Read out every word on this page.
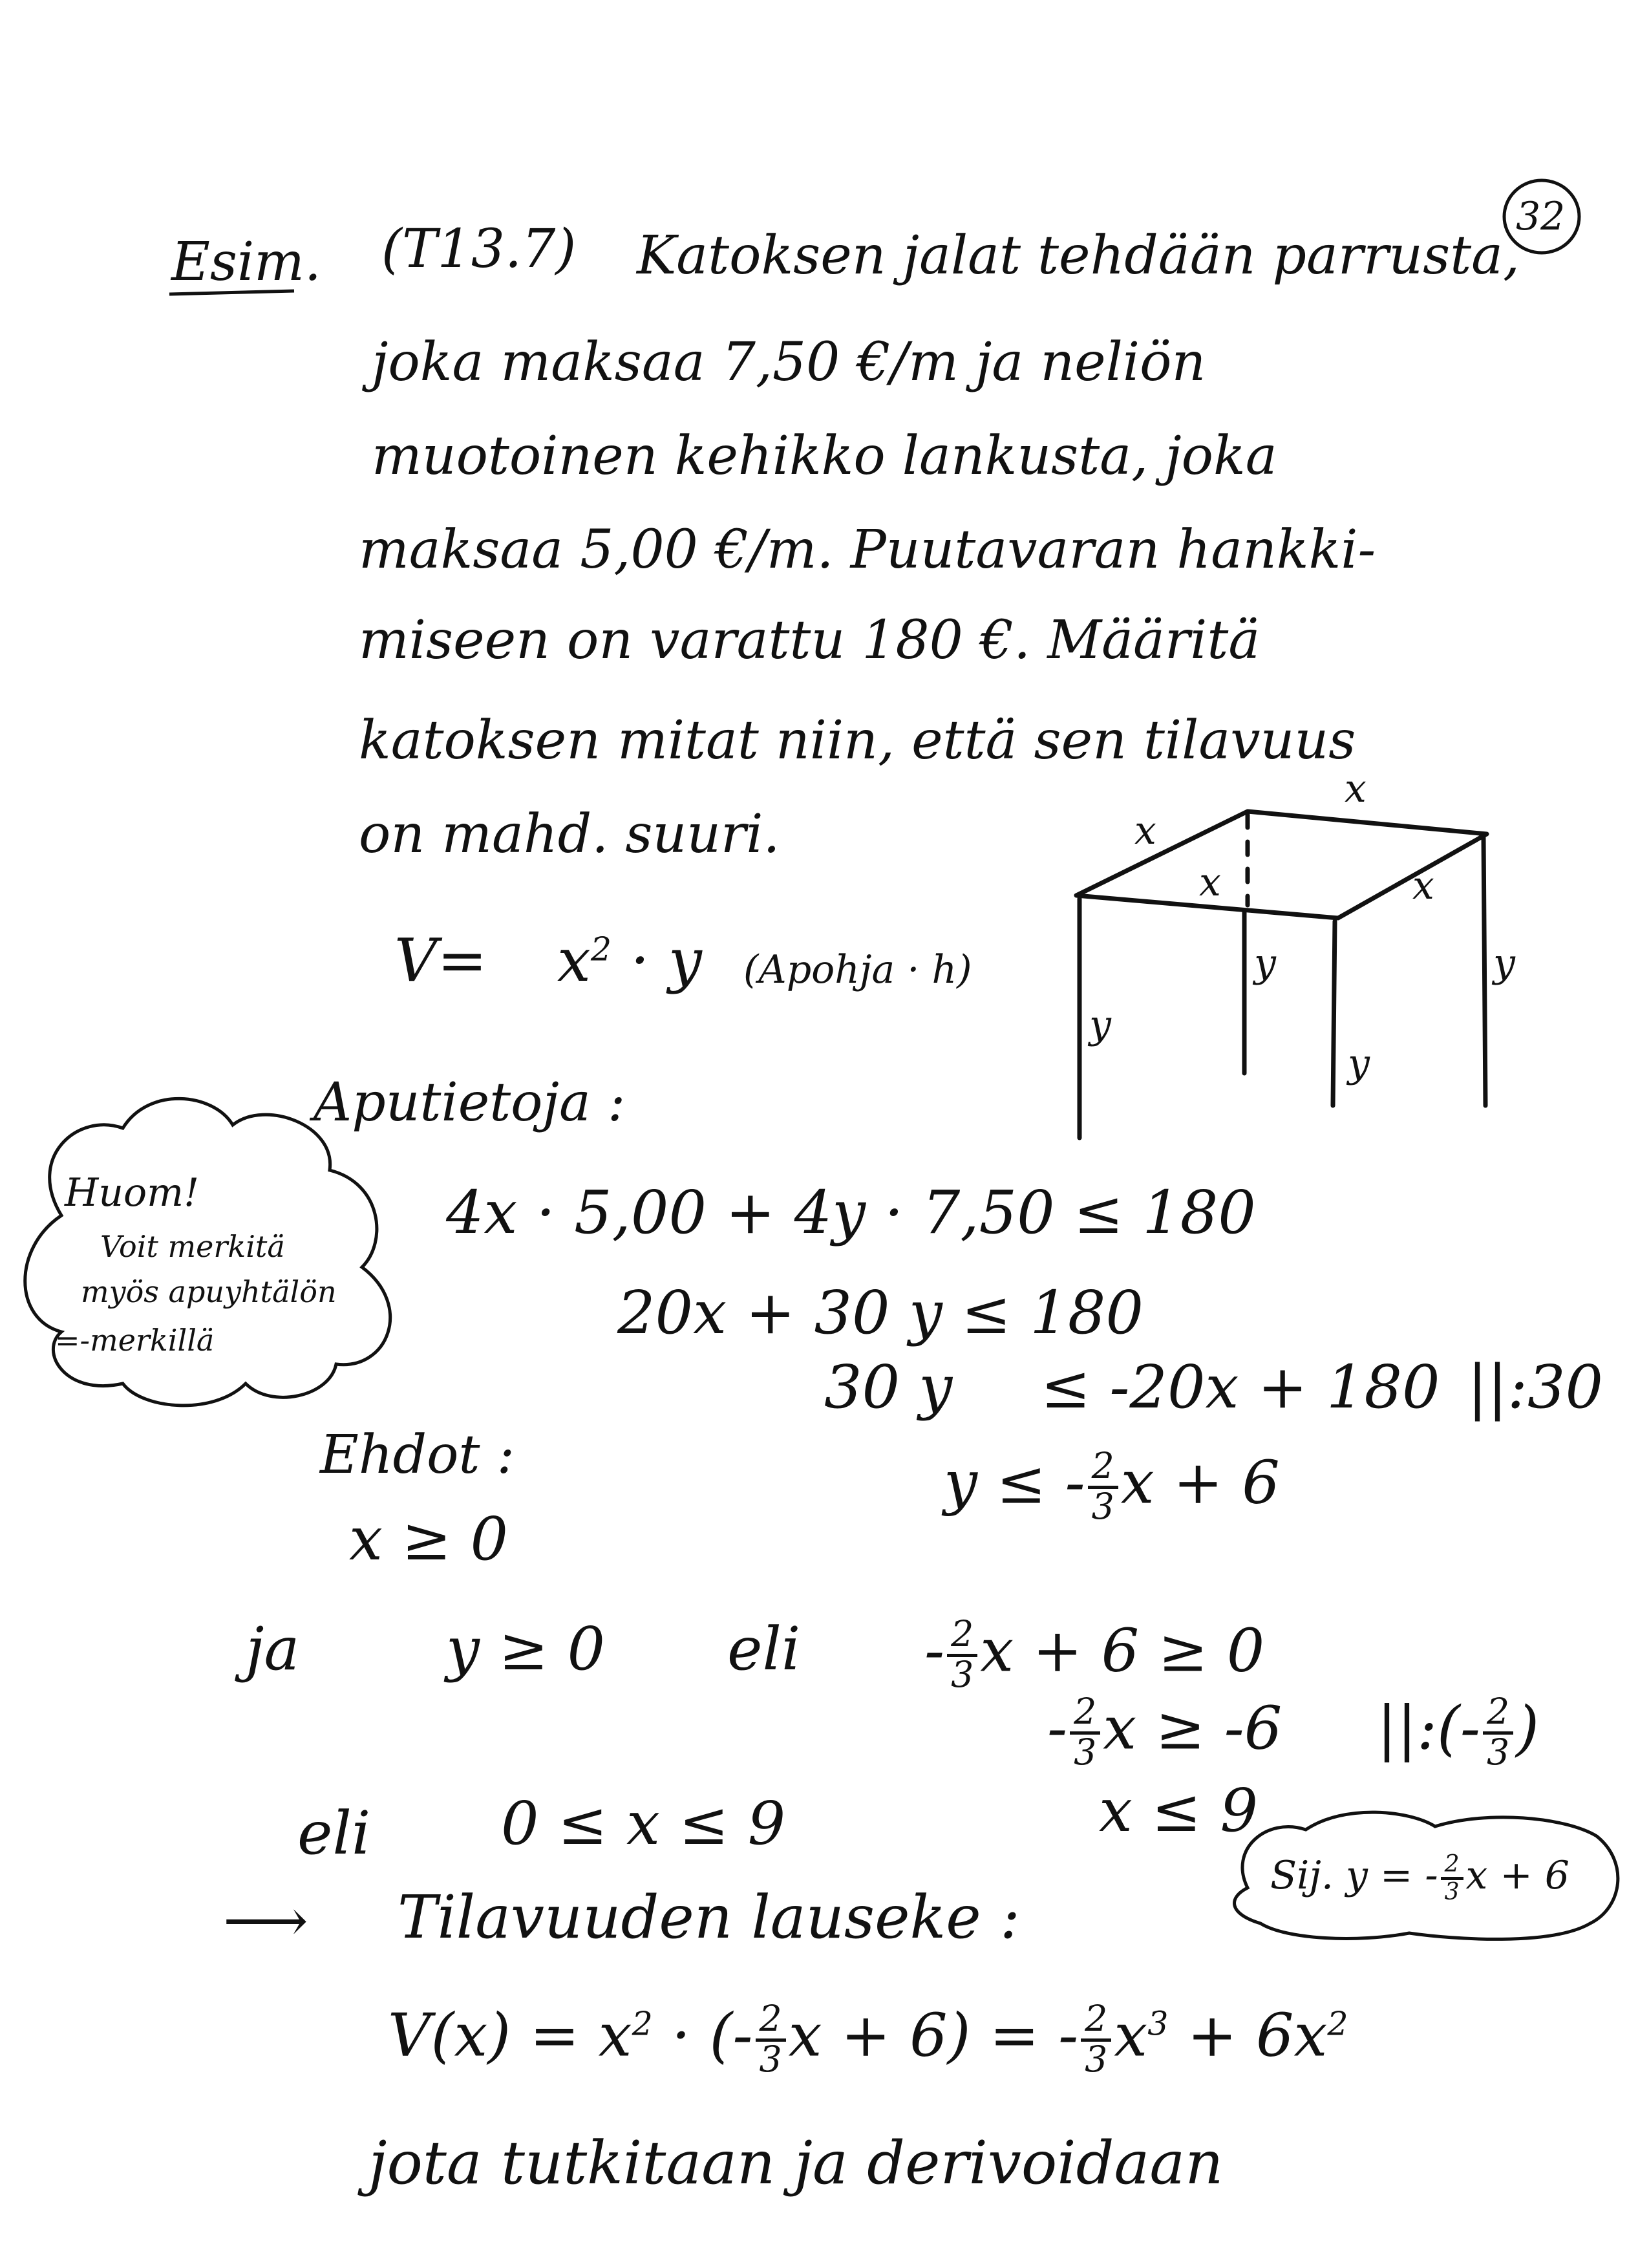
32
Esim. (T13.7) Katoksen jalat tehdään parrusta,
joka maksaa 7,50 €/m ja neliön
muotoinen kehikko lankusta, joka
maksaa 5,00 €/m. Puutavaran hankki-
miseen on varattu 180 €. Määritä
katoksen mitat niin, että sen tilavuus
on mahd. suuri.
$V= x^2 \cdot y$ (Apohja · h)
x
x
x	x
y
y
y
y
Aputietoja :
4x · 5,00 + 4y · 7,50 ≤ 180
20x + 30 y ≤ 180
30 y ≤ -20x + 180 ||:30
y ≤ - $\frac{2}{3}$ x + 6
Huom!
Voit merkitä
myös apuyhtälön
=-merkillä
Ehdot :
x ≥ 0
ja y ≥ 0 eli - $\frac{2}{3}$ x + 6 ≥ 0
- $\frac{2}{3}$ x ≥ -6 ||:(- $\frac{2}{3}$ )
x ≤ 9
eli 0 ≤ x ≤ 9
Sij. y = - $\frac{2}{3}$ x + 6
⟶ Tilavuuden lauseke :
$V(x) = x^2$ · (- $\frac{2}{3}$ x + 6) = - $\frac{2}{3} x^3 + 6x^2$
jota tutkitaan ja derivoidaan
